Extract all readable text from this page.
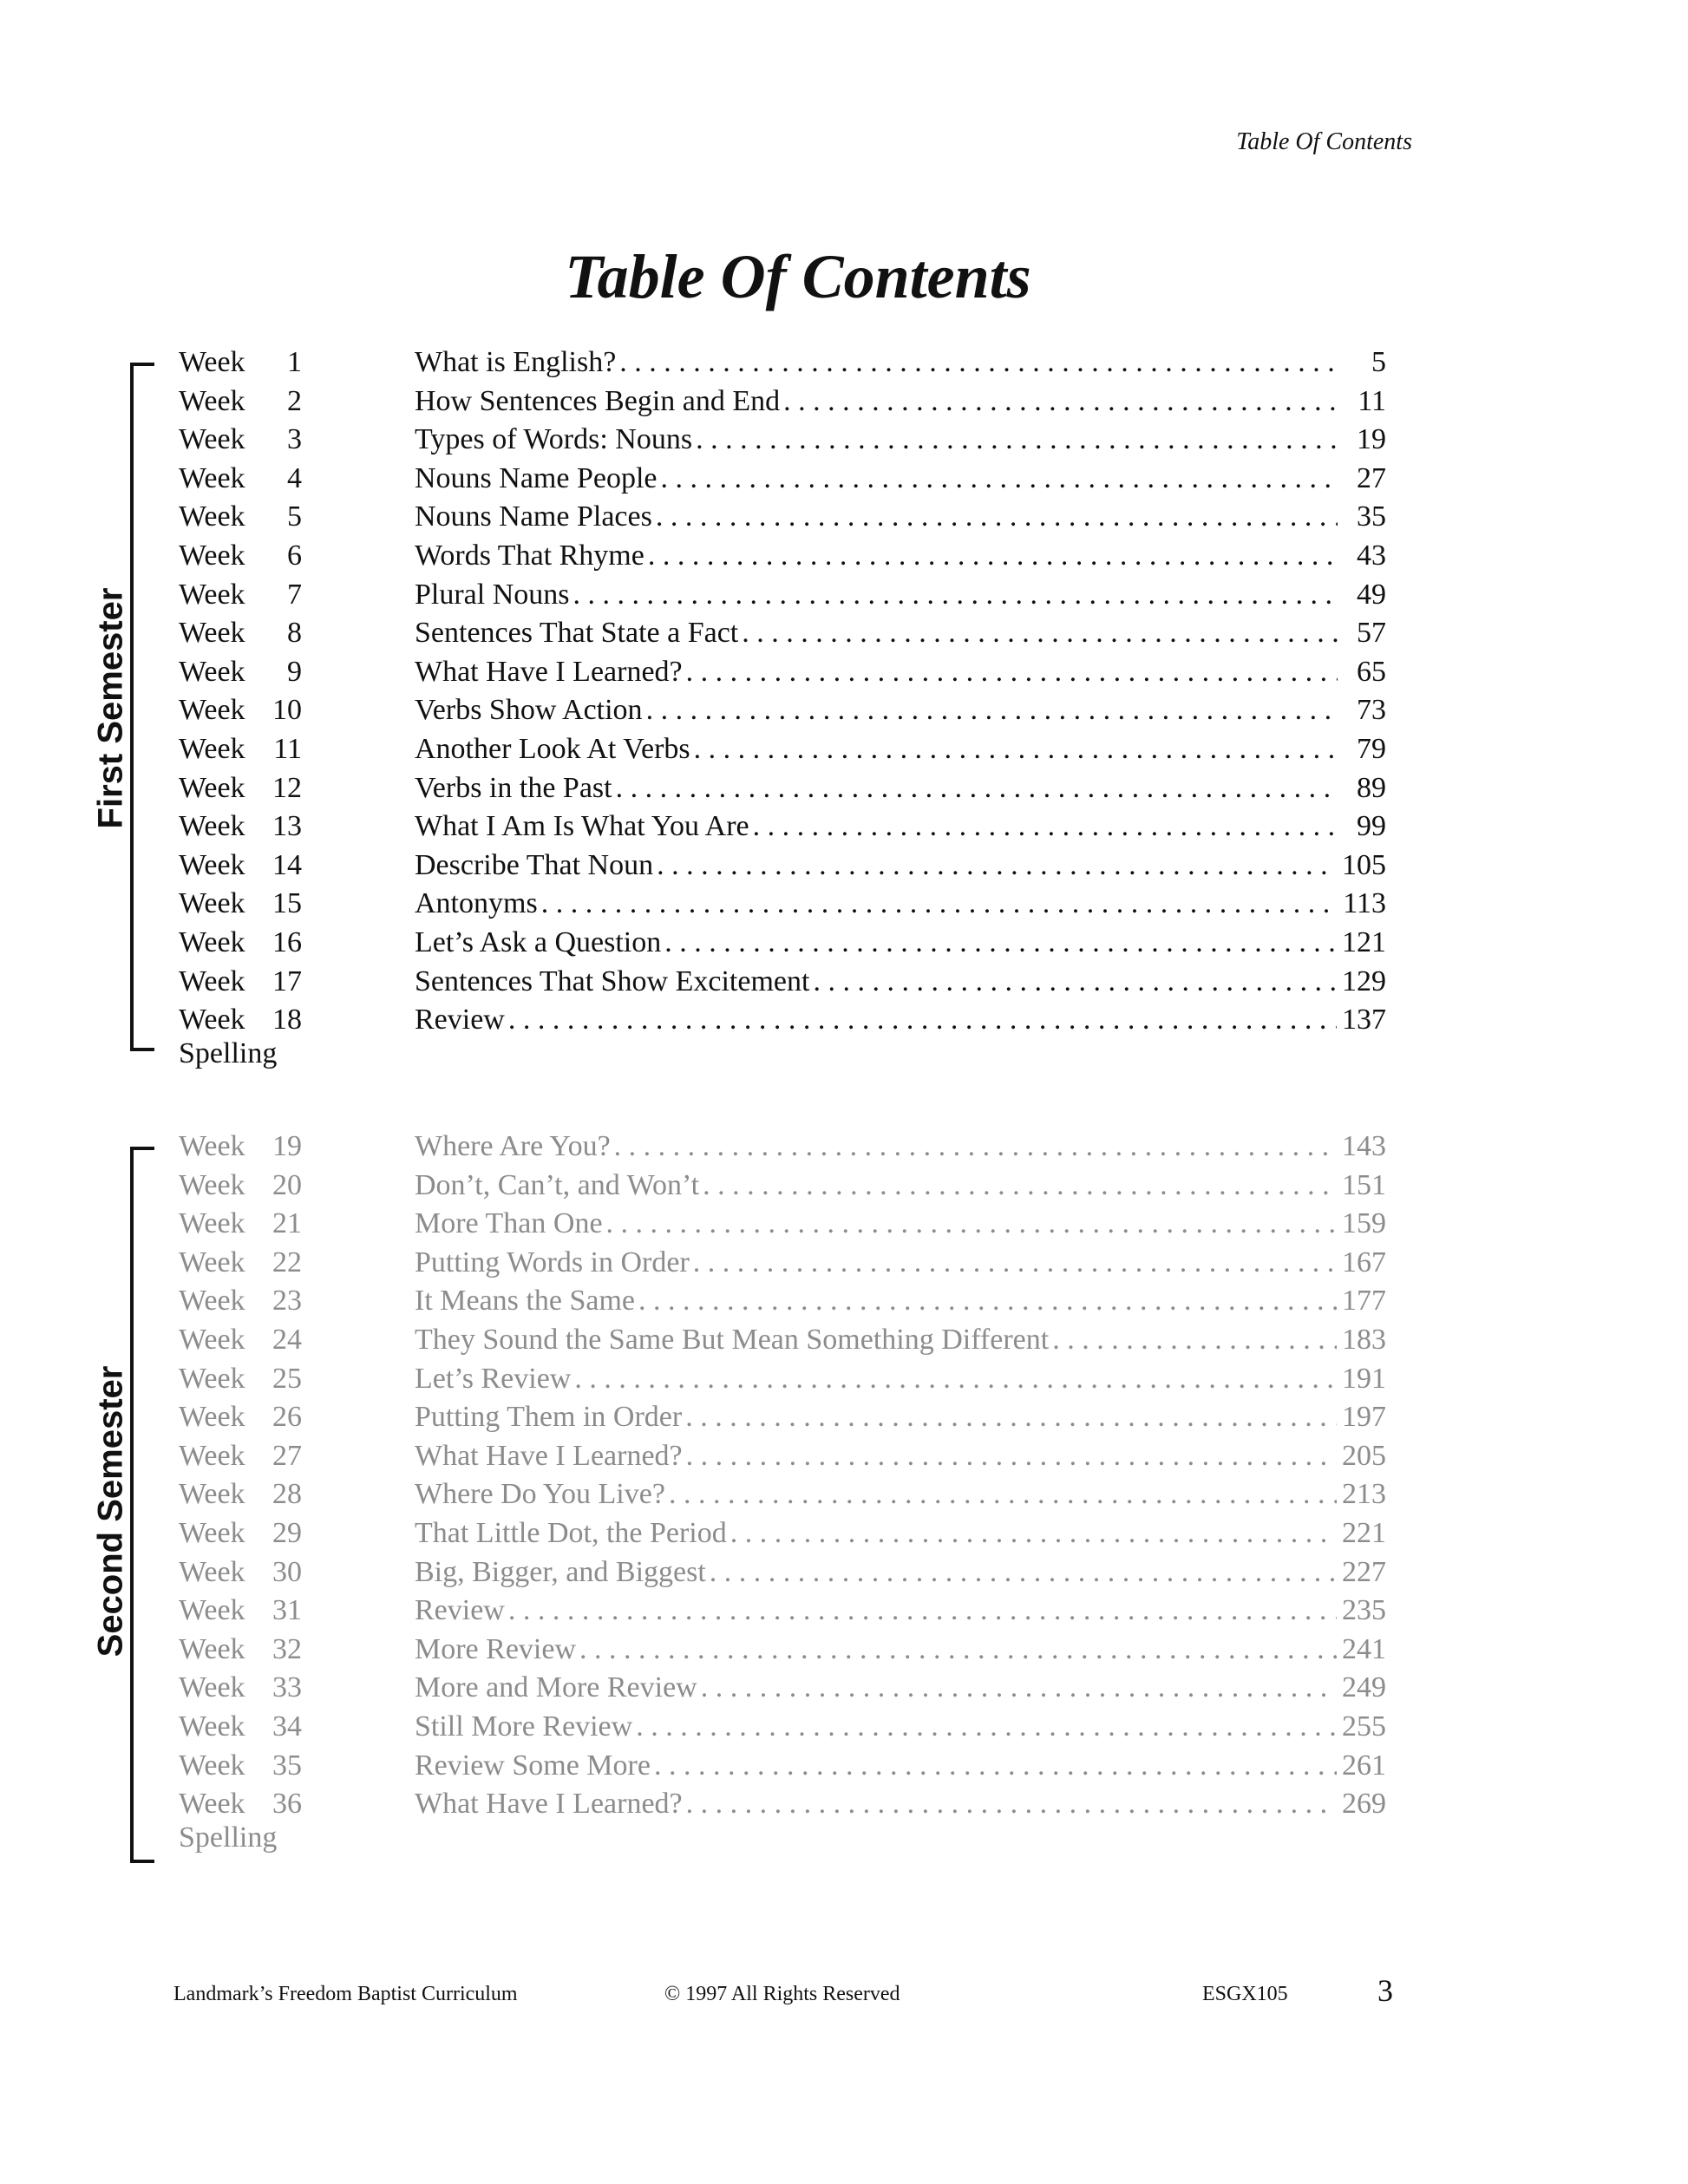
Table Of Contents
Table Of Contents
First Semester
Week	1	What is English? . . .	5
Week	2	How Sentences Begin and End . . .	11
Week	3	Types of Words: Nouns . . .	19
Week	4	Nouns Name People . . .	27
Week	5	Nouns Name Places . . .	35
Week	6	Words That Rhyme . . .	43
Week	7	Plural Nouns . . .	49
Week	8	Sentences That State a Fact . . .	57
Week	9	What Have I Learned? . . .	65
Week 10	Verbs Show Action . . .	73
Week 11	Another Look At Verbs . . .	79
Week 12	Verbs in the Past . . .	89
Week 13	What I Am Is What You Are . . .	99
Week 14	Describe That Noun . . .	105
Week 15	Antonyms . . .	113
Week 16	Let’s Ask a Question . . .	121
Week 17	Sentences That Show Excitement . . .	129
Week 18	Review . . .	137
Spelling
Second Semester
Week 19	Where Are You? . . .	143
Week 20	Don’t, Can’t, and Won’t . . .	151
Week 21	More Than One . . .	159
Week 22	Putting Words in Order . . .	167
Week 23	It Means the Same . . .	177
Week 24	They Sound the Same But Mean Something Different . . .	183
Week 25	Let’s Review . . .	191
Week 26	Putting Them in Order . . .	197
Week 27	What Have I Learned? . . .	205
Week 28	Where Do You Live? . . .	213
Week 29	That Little Dot, the Period . . .	221
Week 30	Big, Bigger, and Biggest . . .	227
Week 31	Review . . .	235
Week 32	More Review . . .	241
Week 33	More and More Review . . .	249
Week 34	Still More Review . . .	255
Week 35	Review Some More . . .	261
Week 36	What Have I Learned? . . .	269
Spelling
Landmark’s Freedom Baptist Curriculum	© 1997 All Rights Reserved	ESGX105	3
